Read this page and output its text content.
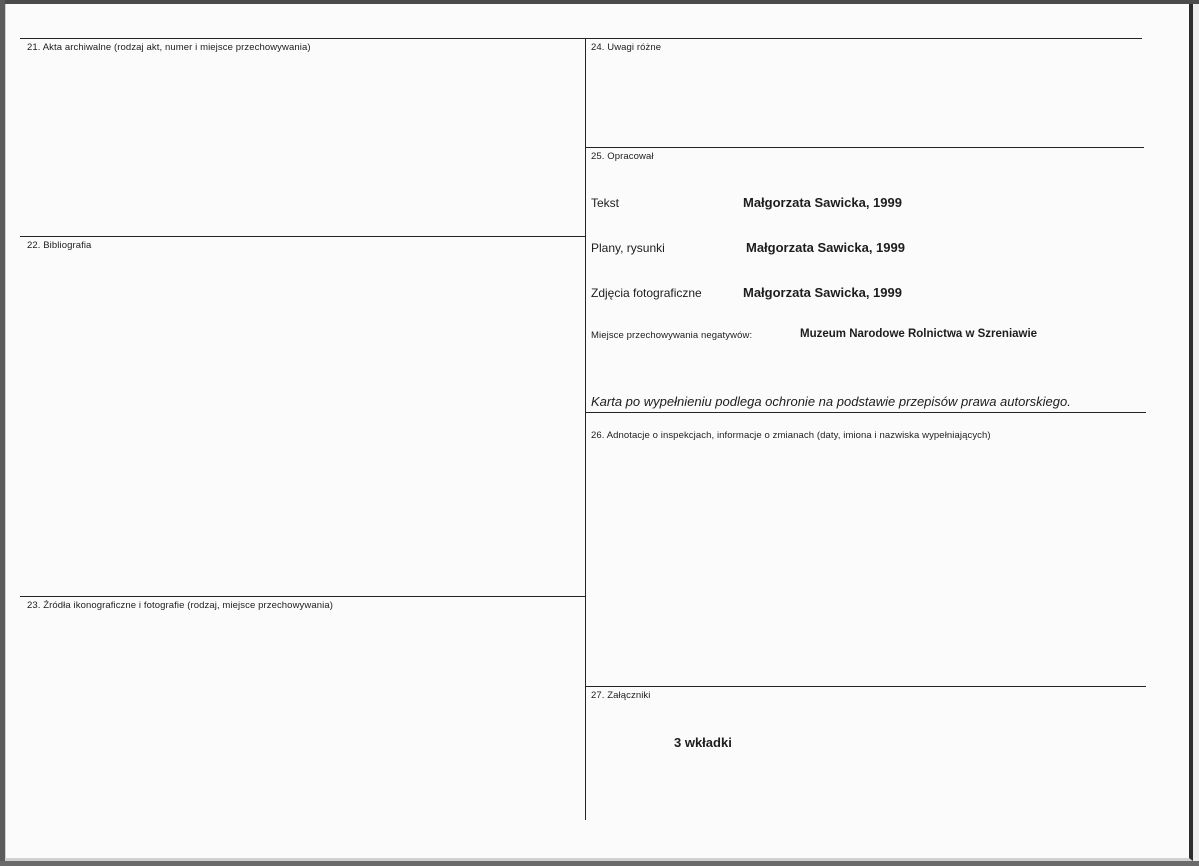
21. Akta archiwalne (rodzaj akt, numer i miejsce przechowywania)
22. Bibliografia
23. Źródła ikonograficzne i fotografie (rodzaj, miejsce przechowywania)
24. Uwagi różne
25. Opracował
Tekst	Małgorzata Sawicka, 1999
Plany, rysunki	Małgorzata Sawicka, 1999
Zdjęcia fotograficzne	Małgorzata Sawicka, 1999
Miejsce przechowywania negatywów:	Muzeum Narodowe Rolnictwa w Szreniawie
Karta po wypełnieniu podlega ochronie na podstawie przepisów prawa autorskiego.
26. Adnotacje o inspekcjach, informacje o zmianach (daty, imiona i nazwiska wypełniających)
27. Załączniki
3 wkładki
